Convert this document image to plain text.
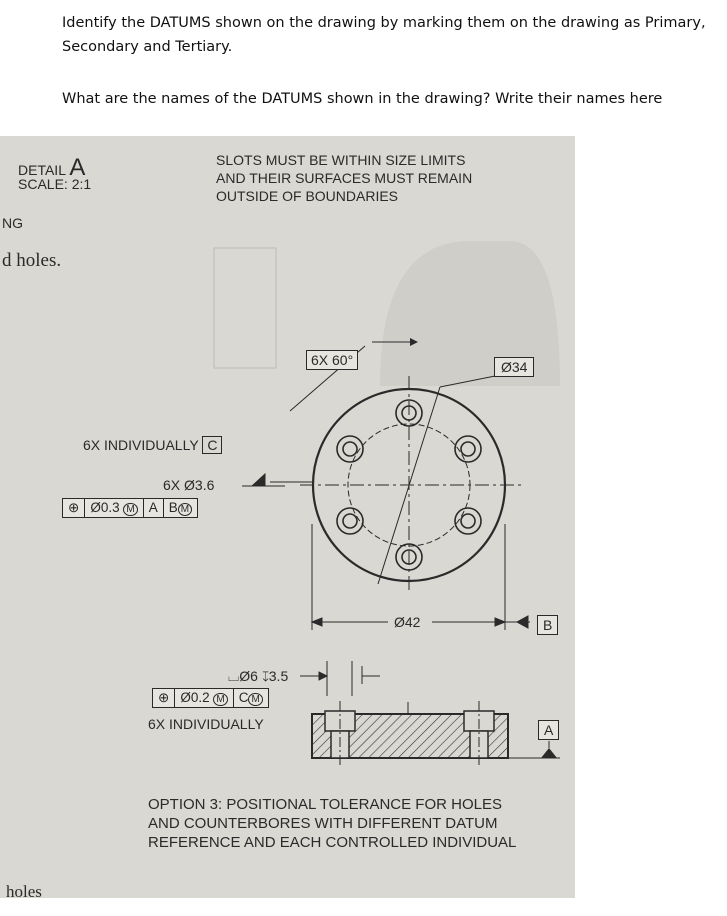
Identify the DATUMS shown on the drawing by marking them on the drawing as Primary, Secondary and Tertiary.
What are the names of the DATUMS shown in the drawing? Write their names here
DETAIL A
SCALE: 2:1
SLOTS MUST BE WITHIN SIZE LIMITS
AND THEIR SURFACES MUST REMAIN
OUTSIDE OF BOUNDARIES
NG
d holes.
holes
6X 60°	Ø34
6X INDIVIDUALLY C
6X Ø3.6
⊕ Ø0.3 M	A B M
Ø42	B
⌴Ø6 ↧3.5
⊕ Ø0.2 M	C M
6X INDIVIDUALLY	A
OPTION 3: POSITIONAL TOLERANCE FOR HOLES
AND COUNTERBORES WITH DIFFERENT DATUM
REFERENCE AND EACH CONTROLLED INDIVIDUAL
